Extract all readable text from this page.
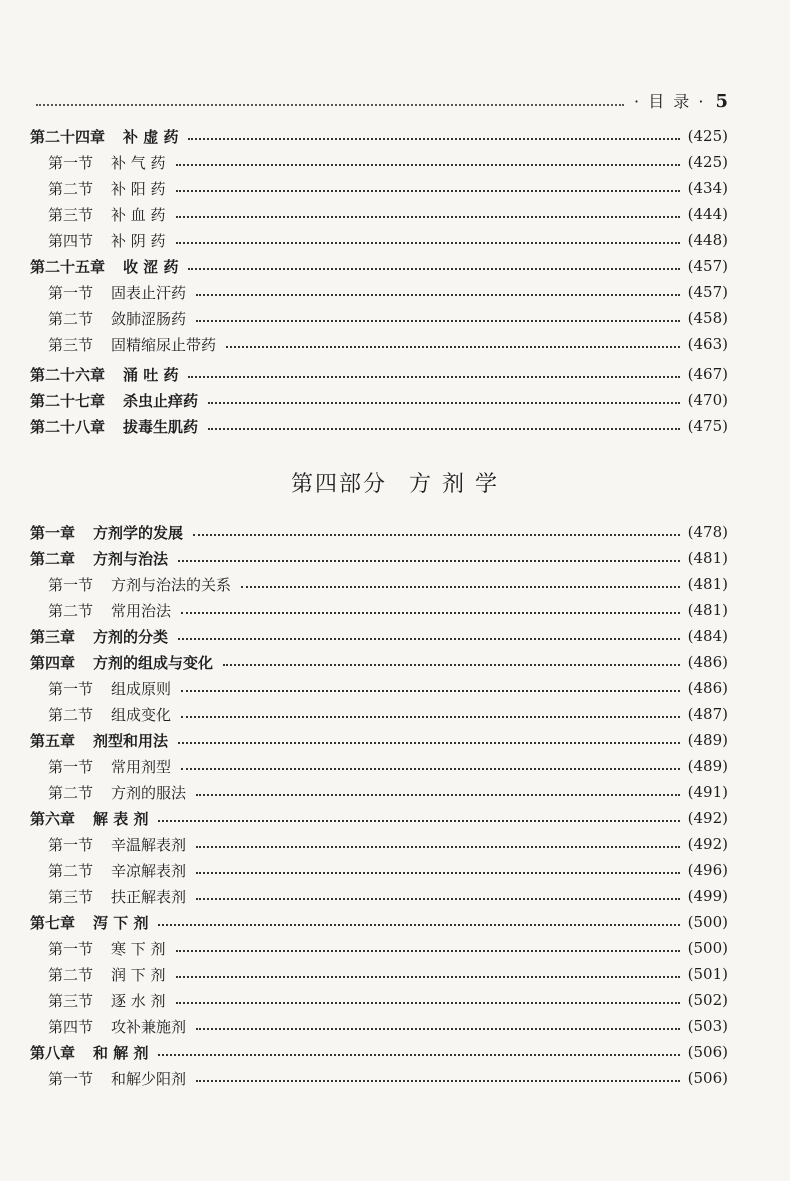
· 目 录 · 5
第二十四章 补 虚 药	(425)
第一节 补 气 药	(425)
第二节 补 阳 药	(434)
第三节 补 血 药	(444)
第四节 补 阴 药	(448)
第二十五章 收 涩 药	(457)
第一节 固表止汗药	(457)
第二节 敛肺涩肠药	(458)
第三节 固精缩尿止带药	(463)
第二十六章 涌 吐 药	(467)
第二十七章 杀虫止痒药	(470)
第二十八章 拔毒生肌药	(475)
第一章 方剂学的发展	(478)
第二章 方剂与治法	(481)
第一节 方剂与治法的关系	(481)
第二节 常用治法	(481)
第三章 方剂的分类	(484)
第四章 方剂的组成与变化	(486)
第一节 组成原则	(486)
第二节 组成变化	(487)
第五章 剂型和用法	(489)
第一节 常用剂型	(489)
第二节 方剂的服法	(491)
第六章 解 表 剂	(492)
第一节 辛温解表剂	(492)
第二节 辛凉解表剂	(496)
第三节 扶正解表剂	(499)
第七章 泻 下 剂	(500)
第一节 寒 下 剂	(500)
第二节 润 下 剂	(501)
第三节 逐 水 剂	(502)
第四节 攻补兼施剂	(503)
第八章 和 解 剂	(506)
第一节 和解少阳剂	(506)
第四部分 方 剂 学
